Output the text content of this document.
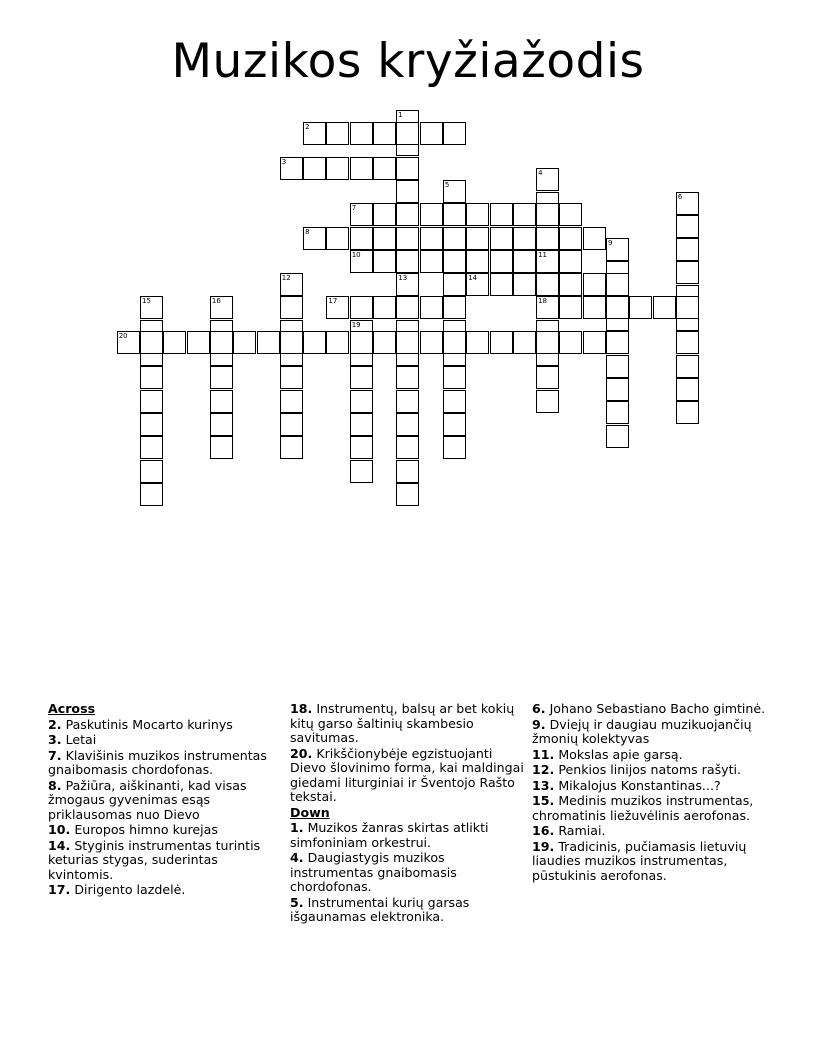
Muzikos kryžiažodis
1
2
3
4
5
6
7
8
9
10	11
18
12	13	14
15	16	17
19
20
Across
2. Paskutinis Mocarto kurinys
3. Letai
7. Klavišinis muzikos instrumentas gnaibomasis chordofonas.
8. Pažiūra, aiškinanti, kad visas žmogaus gyvenimas esąs priklausomas nuo Dievo
10. Europos himno kurejas
14. Styginis instrumentas turintis keturias stygas, suderintas kvintomis.
17. Dirigento lazdelė.
18. Instrumentų, balsų ar bet kokių kitų garso šaltinių skambesio savitumas.
20. Krikščionybėje egzistuojanti Dievo šlovinimo forma, kai maldingai giedami liturginiai ir Šventojo Rašto tekstai.
Down
1. Muzikos žanras skirtas atlikti simfoniniam orkestrui.
4. Daugiastygis muzikos instrumentas gnaibomasis chordofonas.
5. Instrumentai kurių garsas išgaunamas elektronika.
6. Johano Sebastiano Bacho gimtinė.
9. Dviejų ir daugiau muzikuojančių žmonių kolektyvas
11. Mokslas apie garsą.
12. Penkios linijos natoms rašyti.
13. Mikalojus Konstantinas...?
15. Medinis muzikos instrumentas, chromatinis liežuvėlinis aerofonas.
16. Ramiai.
19. Tradicinis, pučiamasis lietuvių liaudies muzikos instrumentas, pūstukinis aerofonas.
